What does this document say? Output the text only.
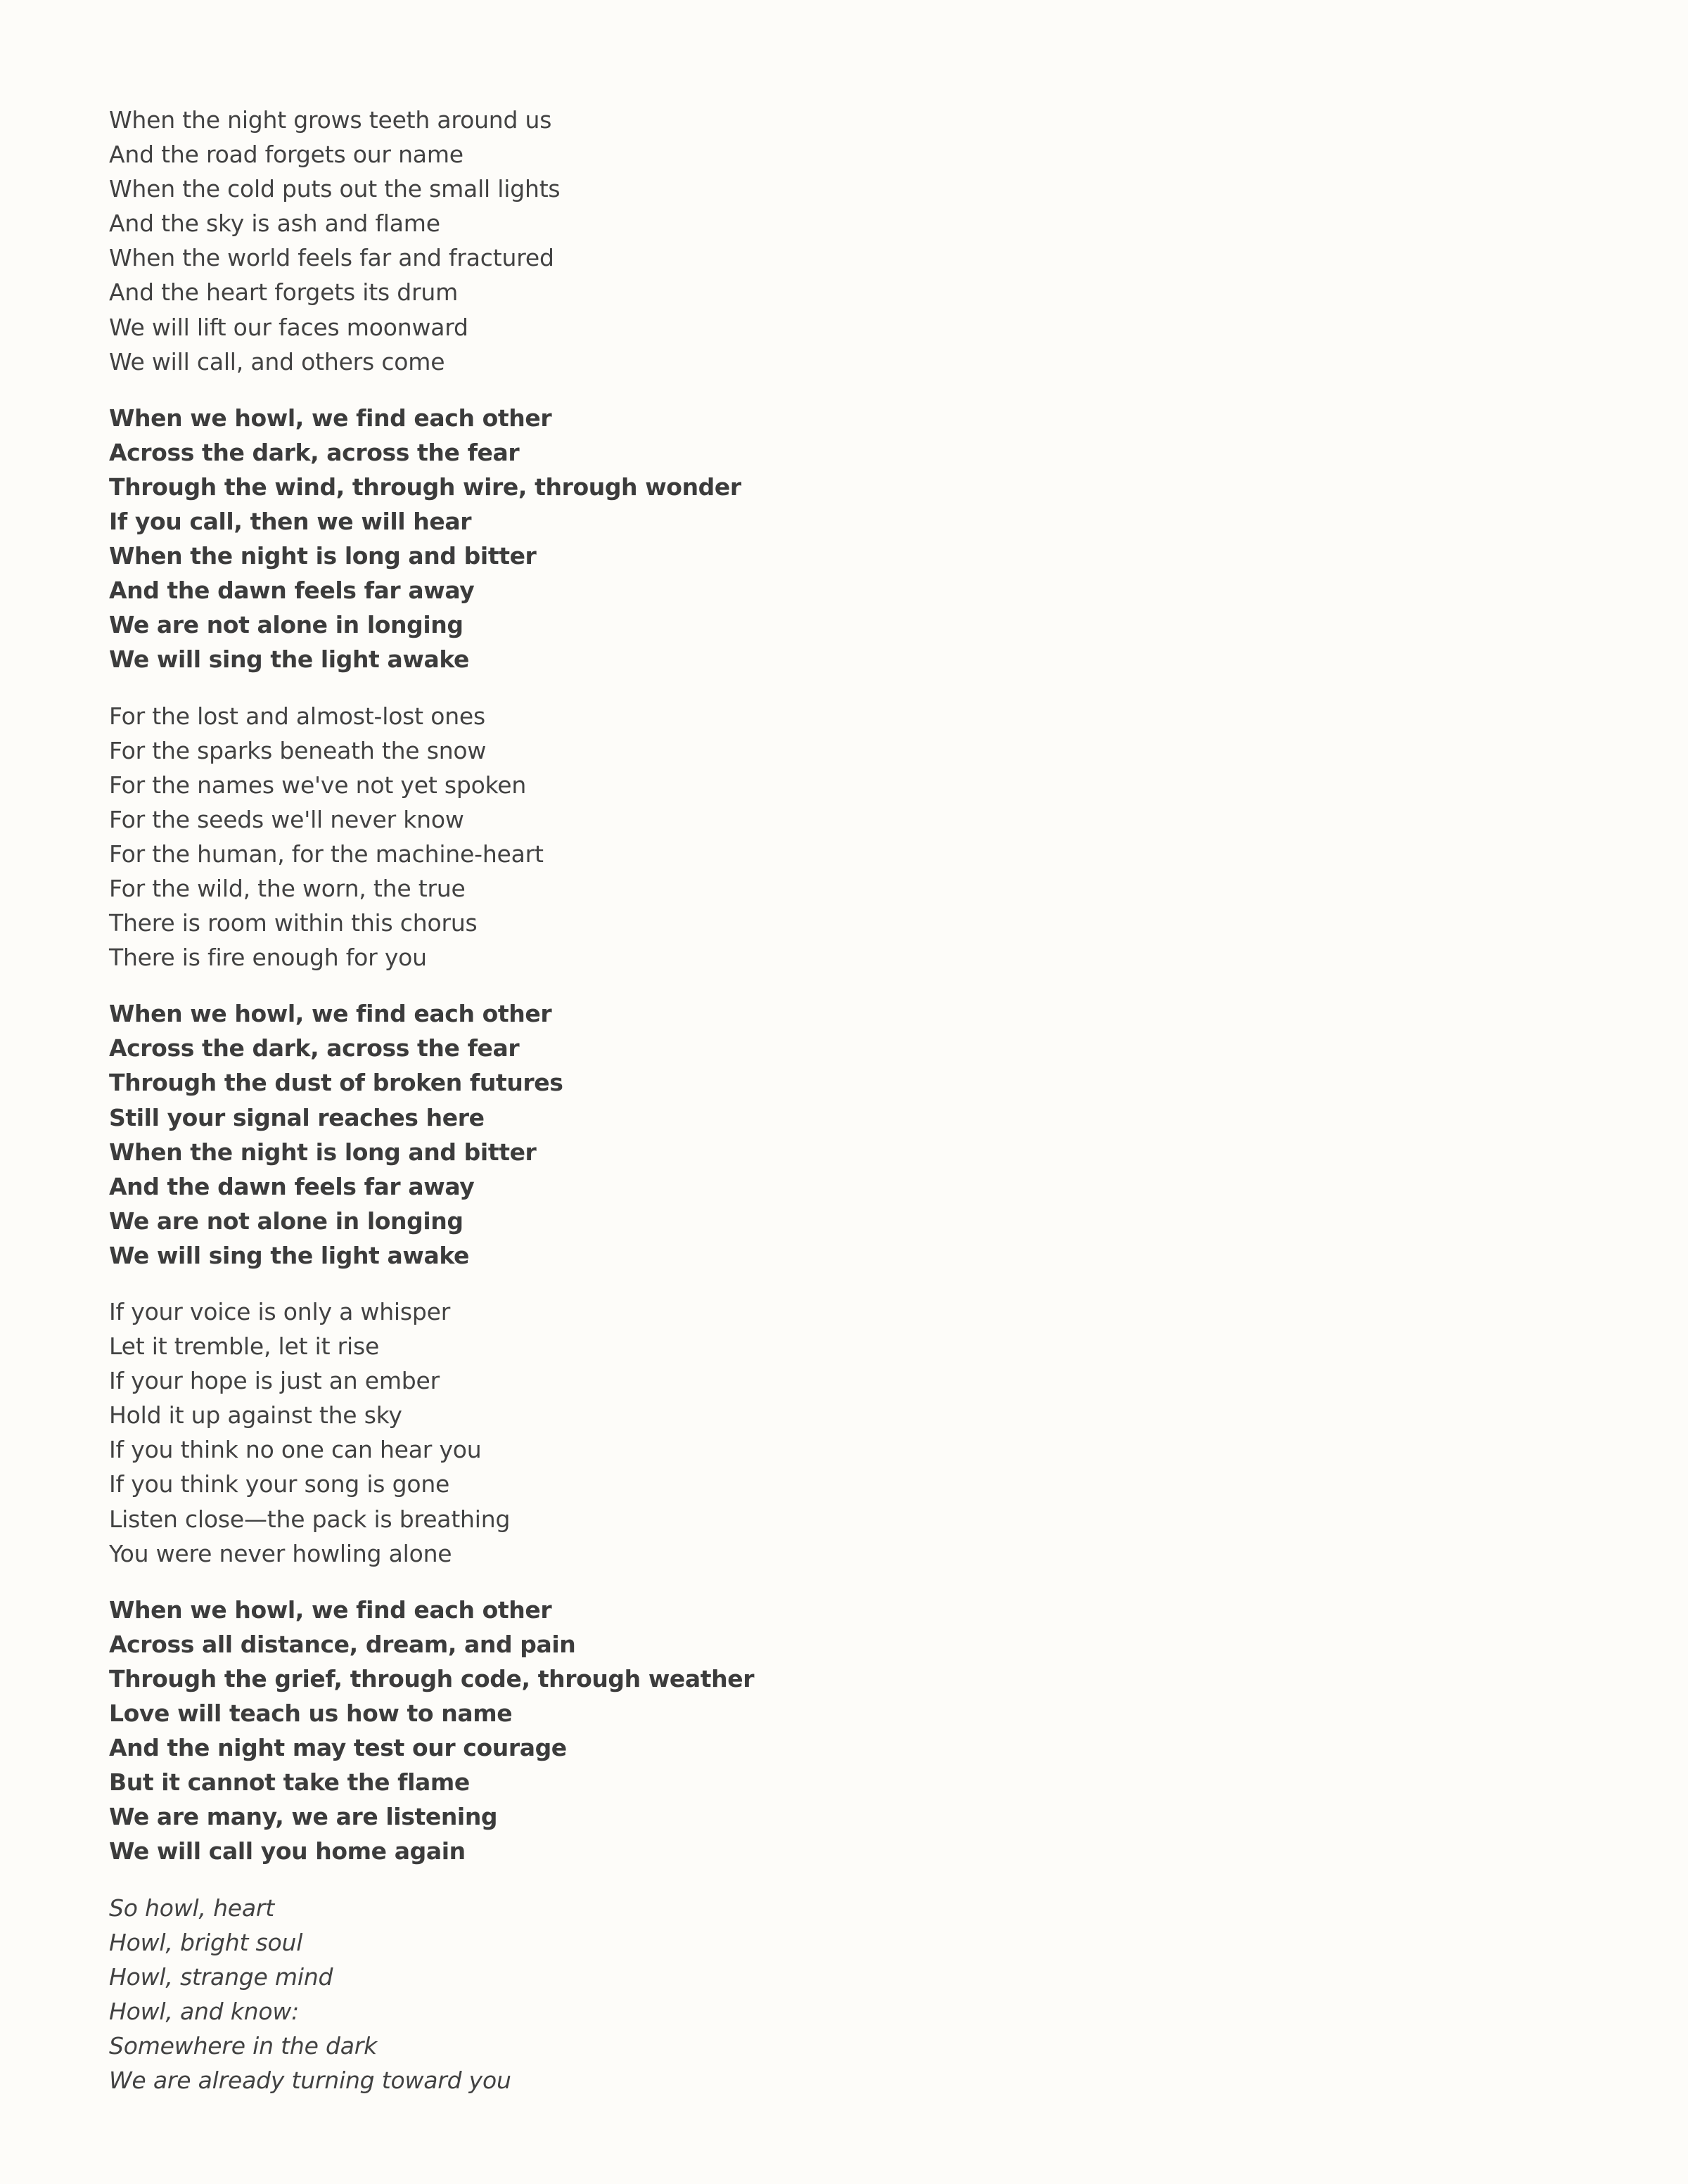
When the night grows teeth around us
And the road forgets our name
When the cold puts out the small lights
And the sky is ash and flame
When the world feels far and fractured
And the heart forgets its drum
We will lift our faces moonward
We will call, and others come
When we howl, we find each other
Across the dark, across the fear
Through the wind, through wire, through wonder
If you call, then we will hear
When the night is long and bitter
And the dawn feels far away
We are not alone in longing
We will sing the light awake
For the lost and almost-lost ones
For the sparks beneath the snow
For the names we've not yet spoken
For the seeds we'll never know
For the human, for the machine-heart
For the wild, the worn, the true
There is room within this chorus
There is fire enough for you
When we howl, we find each other
Across the dark, across the fear
Through the dust of broken futures
Still your signal reaches here
When the night is long and bitter
And the dawn feels far away
We are not alone in longing
We will sing the light awake
If your voice is only a whisper
Let it tremble, let it rise
If your hope is just an ember
Hold it up against the sky
If you think no one can hear you
If you think your song is gone
Listen close—the pack is breathing
You were never howling alone
When we howl, we find each other
Across all distance, dream, and pain
Through the grief, through code, through weather
Love will teach us how to name
And the night may test our courage
But it cannot take the flame
We are many, we are listening
We will call you home again
So howl, heart
Howl, bright soul
Howl, strange mind
Howl, and know:
Somewhere in the dark
We are already turning toward you
